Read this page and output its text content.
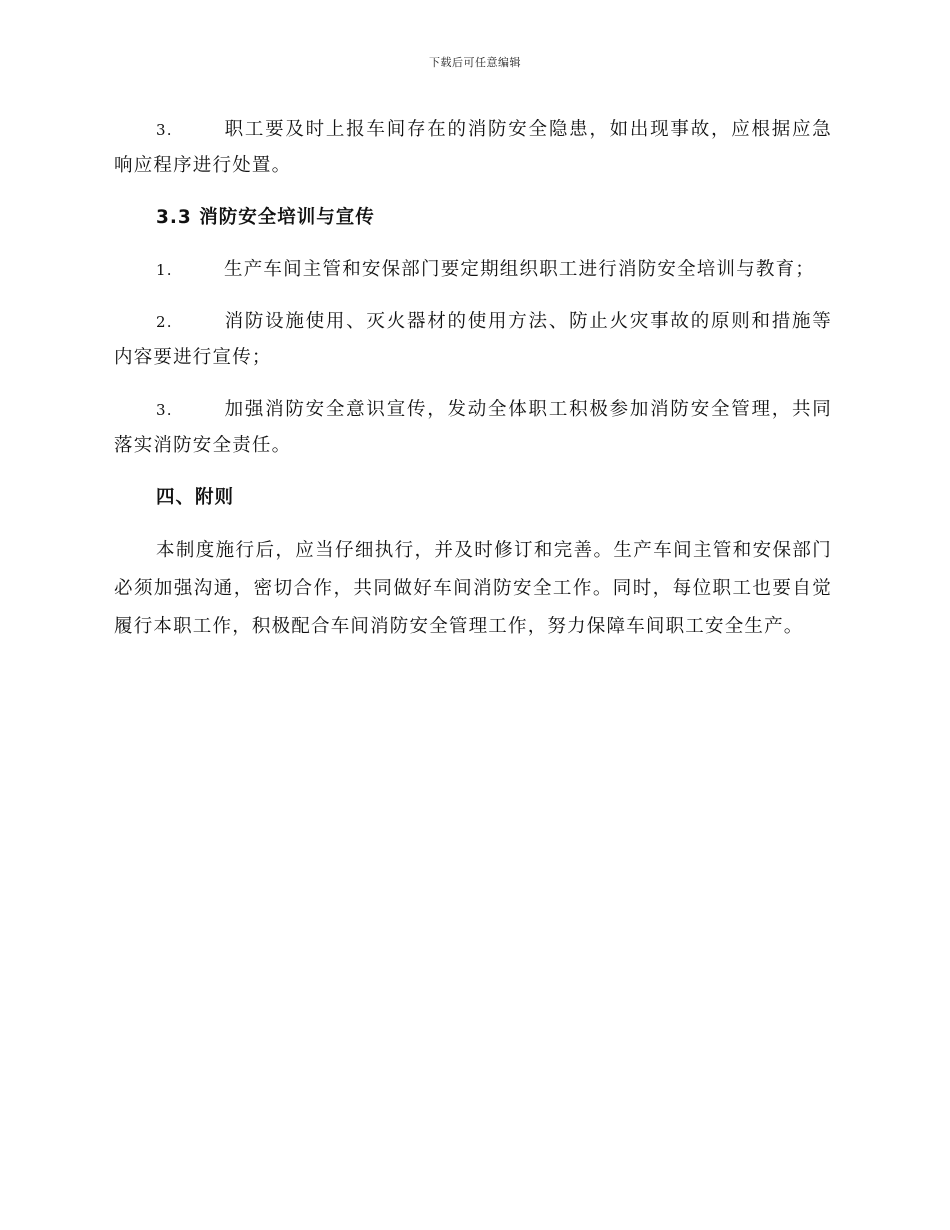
下载后可任意编辑

3.	职工要及时上报车间存在的消防安全隐患，如出现事故，应根据应急响应程序进行处置。

3.3 消防安全培训与宣传

1.	生产车间主管和安保部门要定期组织职工进行消防安全培训与教育；

2.	消防设施使用、灭火器材的使用方法、防止火灾事故的原则和措施等内容要进行宣传；

3.	加强消防安全意识宣传，发动全体职工积极参加消防安全管理，共同落实消防安全责任。

四、附则

本制度施行后，应当仔细执行，并及时修订和完善。生产车间主管和安保部门必须加强沟通，密切合作，共同做好车间消防安全工作。同时，每位职工也要自觉履行本职工作，积极配合车间消防安全管理工作，努力保障车间职工安全生产。
